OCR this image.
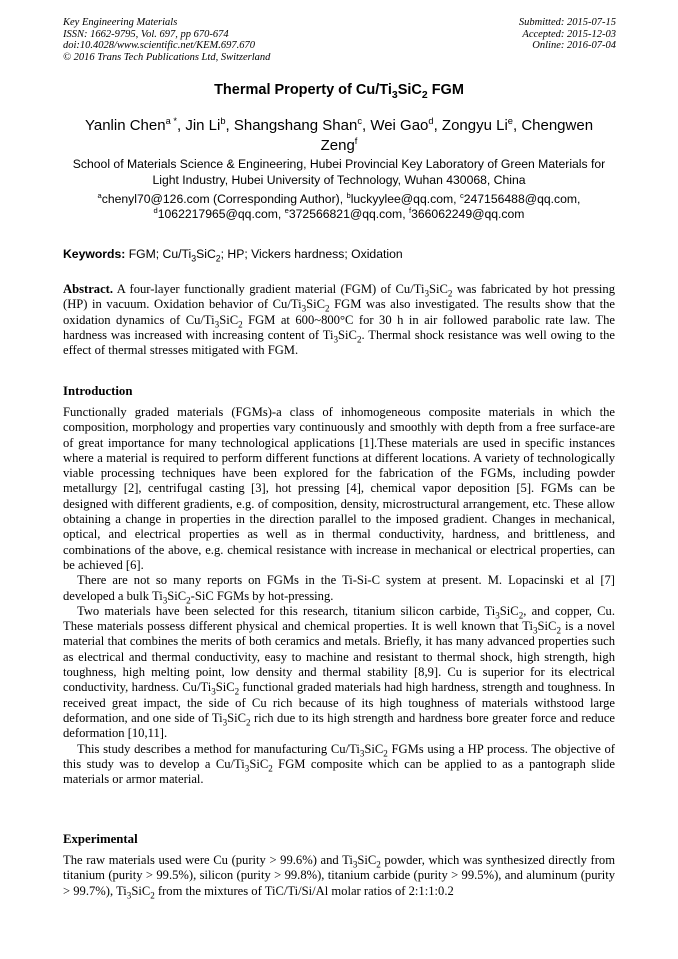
Key Engineering Materials
ISSN: 1662-9795, Vol. 697, pp 670-674
doi:10.4028/www.scientific.net/KEM.697.670
© 2016 Trans Tech Publications Ltd, Switzerland
Submitted: 2015-07-15
Accepted: 2015-12-03
Online: 2016-07-04
Thermal Property of $Cu/Ti_3SiC_2$ FGM
Yanlin Chen$^{a *}$, Jin Li$^b$, Shangshang Shan$^c$, Wei Gao$^d$, Zongyu Li$^e$, Chengwen Zeng$^f$
School of Materials Science & Engineering, Hubei Provincial Key Laboratory of Green Materials for Light Industry, Hubei University of Technology, Wuhan 430068, China
$^a$chenyl70@126.com (Corresponding Author), $^b$luckyylee@qq.com, $^c$247156488@qq.com, $^d$1062217965@qq.com, $^e$372566821@qq.com, $^f$366062249@qq.com
Keywords: FGM; $Cu/Ti_3SiC_2$; HP; Vickers hardness; Oxidation

Abstract. A four-layer functionally gradient material (FGM) of $Cu/Ti_3SiC_2$ was fabricated by hot pressing (HP) in vacuum. Oxidation behavior of $Cu/Ti_3SiC_2$ FGM was also investigated. The results show that the oxidation dynamics of $Cu/Ti_3SiC_2$ FGM at 600~800°C for 30 h in air followed parabolic rate law. The hardness was increased with increasing content of $Ti_3SiC_2$. Thermal shock resistance was well owing to the effect of thermal stresses mitigated with FGM.

Introduction

Functionally graded materials (FGMs)-a class of inhomogeneous composite materials in which the composition, morphology and properties vary continuously and smoothly with depth from a free surface-are of great importance for many technological applications [1].These materials are used in specific instances where a material is required to perform different functions at different locations. A variety of technologically viable processing techniques have been explored for the fabrication of the FGMs, including powder metallurgy [2], centrifugal casting [3], hot pressing [4], chemical vapor deposition [5]. FGMs can be designed with different gradients, e.g. of composition, density, microstructural arrangement, etc. These allow obtaining a change in properties in the direction parallel to the imposed gradient. Changes in mechanical, optical, and electrical properties as well as in thermal conductivity, hardness, and brittleness, and combinations of the above, e.g. chemical resistance with increase in mechanical or electrical properties, can be achieved [6].

There are not so many reports on FGMs in the Ti-Si-C system at present. M. Lopacinski et al [7] developed a bulk $Ti_3SiC_2$-SiC FGMs by hot-pressing.

Two materials have been selected for this research, titanium silicon carbide, $Ti_3SiC_2$, and copper, Cu. These materials possess different physical and chemical properties. It is well known that $Ti_3SiC_2$ is a novel material that combines the merits of both ceramics and metals. Briefly, it has many advanced properties such as electrical and thermal conductivity, easy to machine and resistant to thermal shock, high strength, high toughness, high melting point, low density and thermal stability [8,9]. Cu is superior for its electrical conductivity, hardness. $Cu/Ti_3SiC_2$ functional graded materials had high hardness, strength and toughness. In received great impact, the side of Cu rich because of its high toughness of materials withstood large deformation, and one side of $Ti_3SiC_2$ rich due to its high strength and hardness bore greater force and reduce deformation [10,11].

This study describes a method for manufacturing $Cu/Ti_3SiC_2$ FGMs using a HP process. The objective of this study was to develop a $Cu/Ti_3SiC_2$ FGM composite which can be applied to as a pantograph slide materials or armor material.

Experimental

The raw materials used were Cu (purity > 99.6%) and $Ti_3SiC_2$ powder, which was synthesized directly from titanium (purity > 99.5%), silicon (purity > 99.8%), titanium carbide (purity > 99.5%), and aluminum (purity > 99.7%), $Ti_3SiC_2$ from the mixtures of TiC/Ti/Si/Al molar ratios of 2:1:1:0.2
